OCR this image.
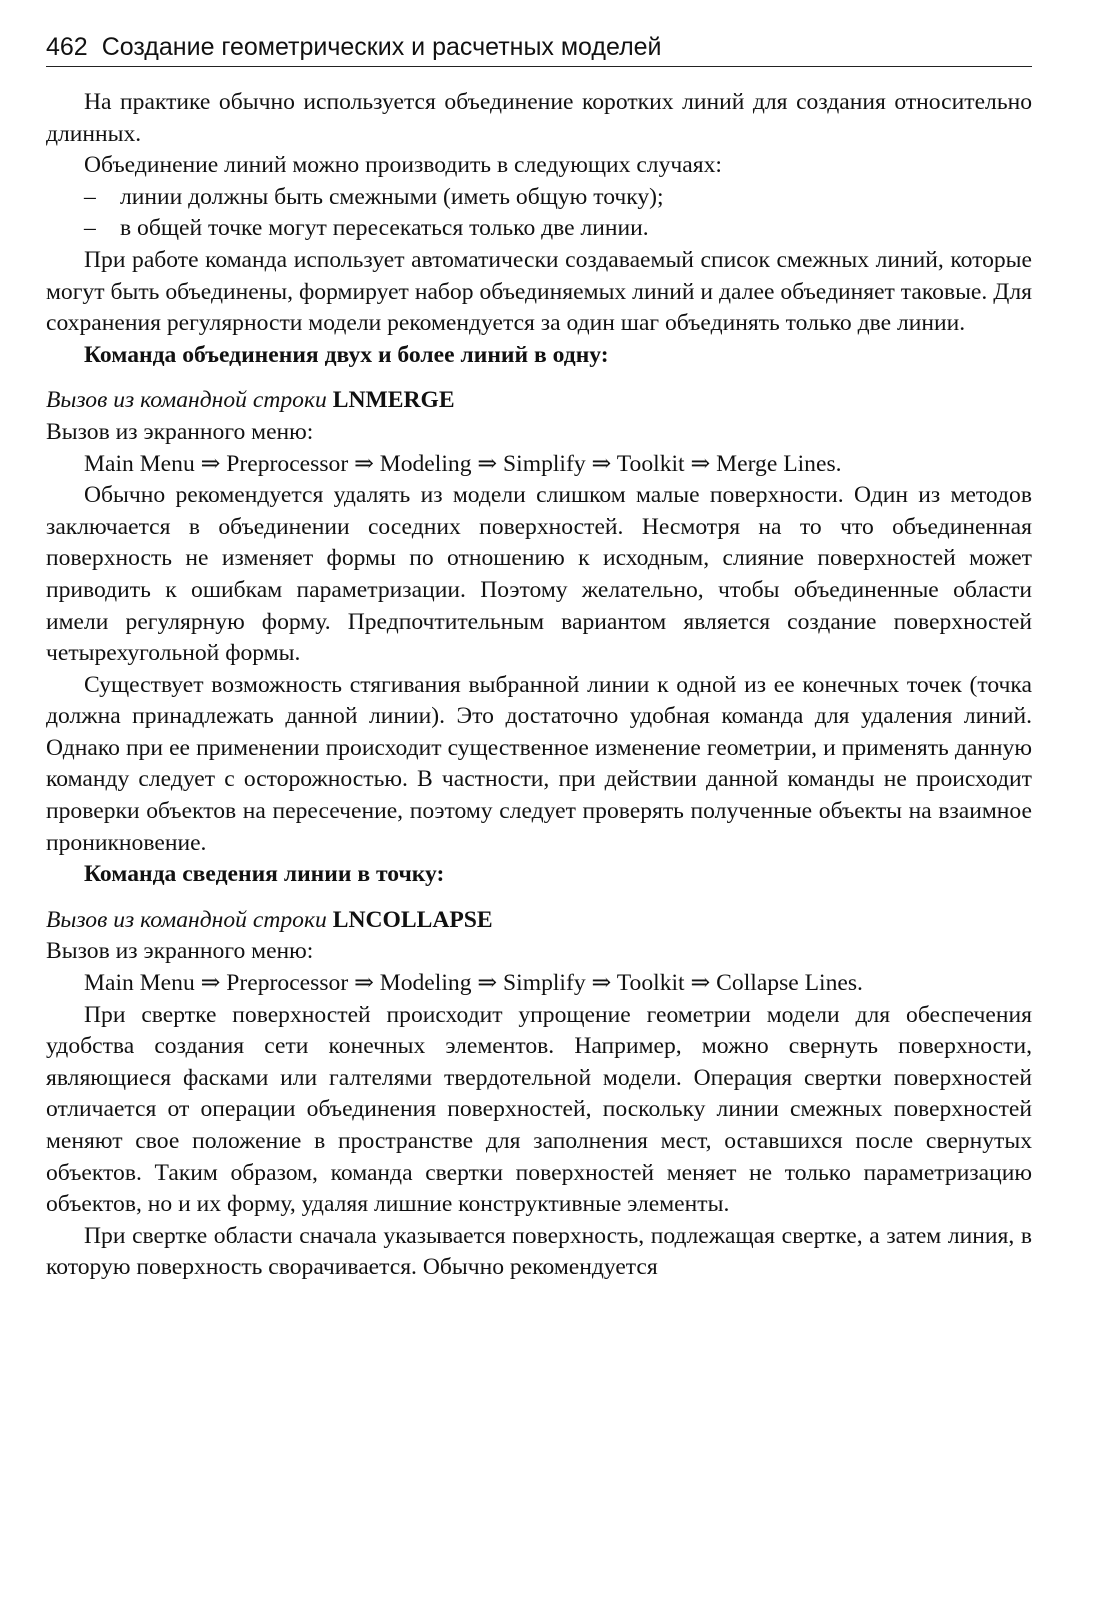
462 Создание геометрических и расчетных моделей

На практике обычно используется объединение коротких линий для создания относительно длинных.

Объединение линий можно производить в следующих случаях:

– линии должны быть смежными (иметь общую точку);
– в общей точке могут пересекаться только две линии.

При работе команда использует автоматически создаваемый список смежных линий, которые могут быть объединены, формирует набор объединяемых линий и далее объединяет таковые. Для сохранения регулярности модели рекомендуется за один шаг объединять только две линии.

Команда объединения двух и более линий в одну:

Вызов из командной строки LNMERGE

Вызов из экранного меню:

Main Menu ⇒ Preprocessor ⇒ Modeling ⇒ Simplify ⇒ Toolkit ⇒ Merge Lines.

Обычно рекомендуется удалять из модели слишком малые поверхности. Один из методов заключается в объединении соседних поверхностей. Несмотря на то что объединенная поверхность не изменяет формы по отношению к исходным, слияние поверхностей может приводить к ошибкам параметризации. Поэтому желательно, чтобы объединенные области имели регулярную форму. Предпочтительным вариантом является создание поверхностей четырехугольной формы.

Существует возможность стягивания выбранной линии к одной из ее конечных точек (точка должна принадлежать данной линии). Это достаточно удобная команда для удаления линий. Однако при ее применении происходит существенное изменение геометрии, и применять данную команду следует с осторожностью. В частности, при действии данной команды не происходит проверки объектов на пересечение, поэтому следует проверять полученные объекты на взаимное проникновение.

Команда сведения линии в точку:

Вызов из командной строки LNCOLLAPSE

Вызов из экранного меню:

Main Menu ⇒ Preprocessor ⇒ Modeling ⇒ Simplify ⇒ Toolkit ⇒ Collapse Lines.

При свертке поверхностей происходит упрощение геометрии модели для обеспечения удобства создания сети конечных элементов. Например, можно свернуть поверхности, являющиеся фасками или галтелями твердотельной модели. Операция свертки поверхностей отличается от операции объединения поверхностей, поскольку линии смежных поверхностей меняют свое положение в пространстве для заполнения мест, оставшихся после свернутых объектов. Таким образом, команда свертки поверхностей меняет не только параметризацию объектов, но и их форму, удаляя лишние конструктивные элементы.

При свертке области сначала указывается поверхность, подлежащая свертке, а затем линия, в которую поверхность сворачивается. Обычно рекомендуется
